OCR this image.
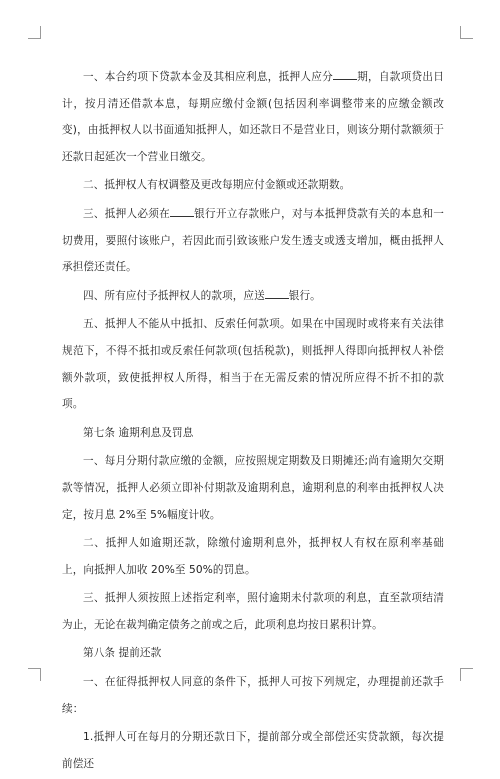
一、本合约项下贷款本金及其相应利息，抵押人应分 期，自款项贷出日计，按月清还借款本息，每期应缴付金额(包括因利率调整带来的应缴金额改变)，由抵押权人以书面通知抵押人，如还款日不是营业日，则该分期付款额须于还款日起延次一个营业日缴交。

二、抵押权人有权调整及更改每期应付金额或还款期数。

三、抵押人必须在 银行开立存款账户，对与本抵押贷款有关的本息和一切费用，要照付该账户，若因此而引致该账户发生透支或透支增加，概由抵押人承担偿还责任。

四、所有应付予抵押权人的款项，应送 银行。

五、抵押人不能从中抵扣、反索任何款项。如果在中国现时或将来有关法律规范下，不得不抵扣或反索任何款项(包括税款)，则抵押人得即向抵押权人补偿额外款项，致使抵押权人所得，相当于在无需反索的情况所应得不折不扣的款项。

第七条 逾期利息及罚息

一、每月分期付款应缴的金额，应按照规定期数及日期摊还;尚有逾期欠交期款等情况，抵押人必须立即补付期款及逾期利息，逾期利息的利率由抵押权人决定，按月息 2%至 5%幅度计收。

二、抵押人如逾期还款，除缴付逾期利息外，抵押权人有权在原利率基础上，向抵押人加收 20%至 50%的罚息。

三、抵押人须按照上述指定利率，照付逾期未付款项的利息，直至款项结清为止，无论在裁判确定债务之前或之后，此项利息均按日累积计算。

第八条 提前还款

一、在征得抵押权人同意的条件下，抵押人可按下列规定，办理提前还款手续：

1.抵押人可在每月的分期还款日下，提前部分或全部偿还实贷款额，每次提前偿还
